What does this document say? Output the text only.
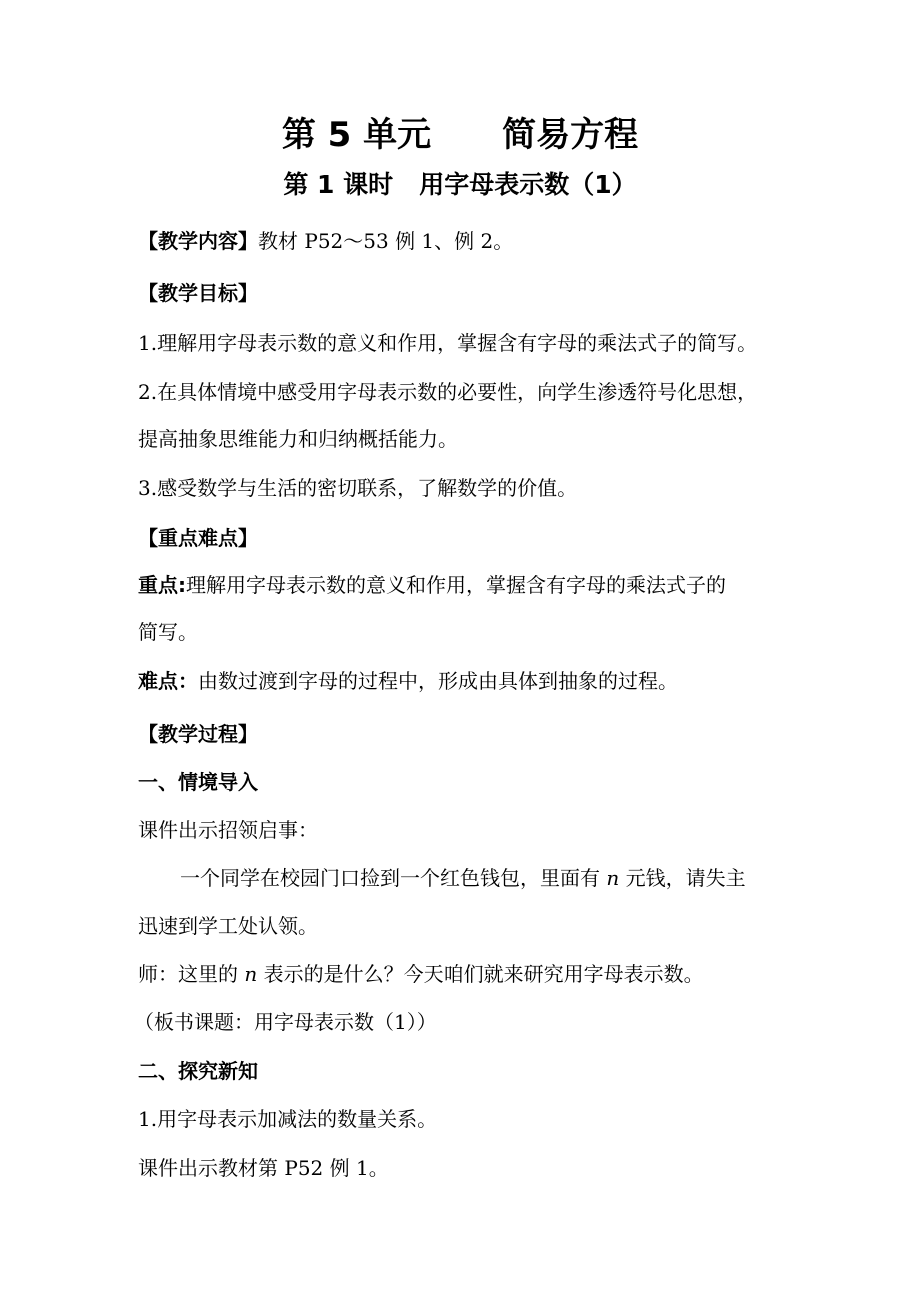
第 5 单元      简易方程
第 1 课时   用字母表示数（1）
【教学内容】教材 P52～53 例 1、例 2。
【教学目标】
1.理解用字母表示数的意义和作用，掌握含有字母的乘法式子的简写。
2.在具体情境中感受用字母表示数的必要性，向学生渗透符号化思想，
提高抽象思维能力和归纳概括能力。
3.感受数学与生活的密切联系，了解数学的价值。
【重点难点】
重点:理解用字母表示数的意义和作用，掌握含有字母的乘法式子的
简写。
难点：由数过渡到字母的过程中，形成由具体到抽象的过程。
【教学过程】
一、情境导入
课件出示招领启事：
一个同学在校园门口捡到一个红色钱包，里面有 n 元钱，请失主
迅速到学工处认领。
师：这里的 n 表示的是什么？今天咱们就来研究用字母表示数。
（板书课题：用字母表示数（1））
二、探究新知
1.用字母表示加减法的数量关系。
课件出示教材第 P52 例 1。
